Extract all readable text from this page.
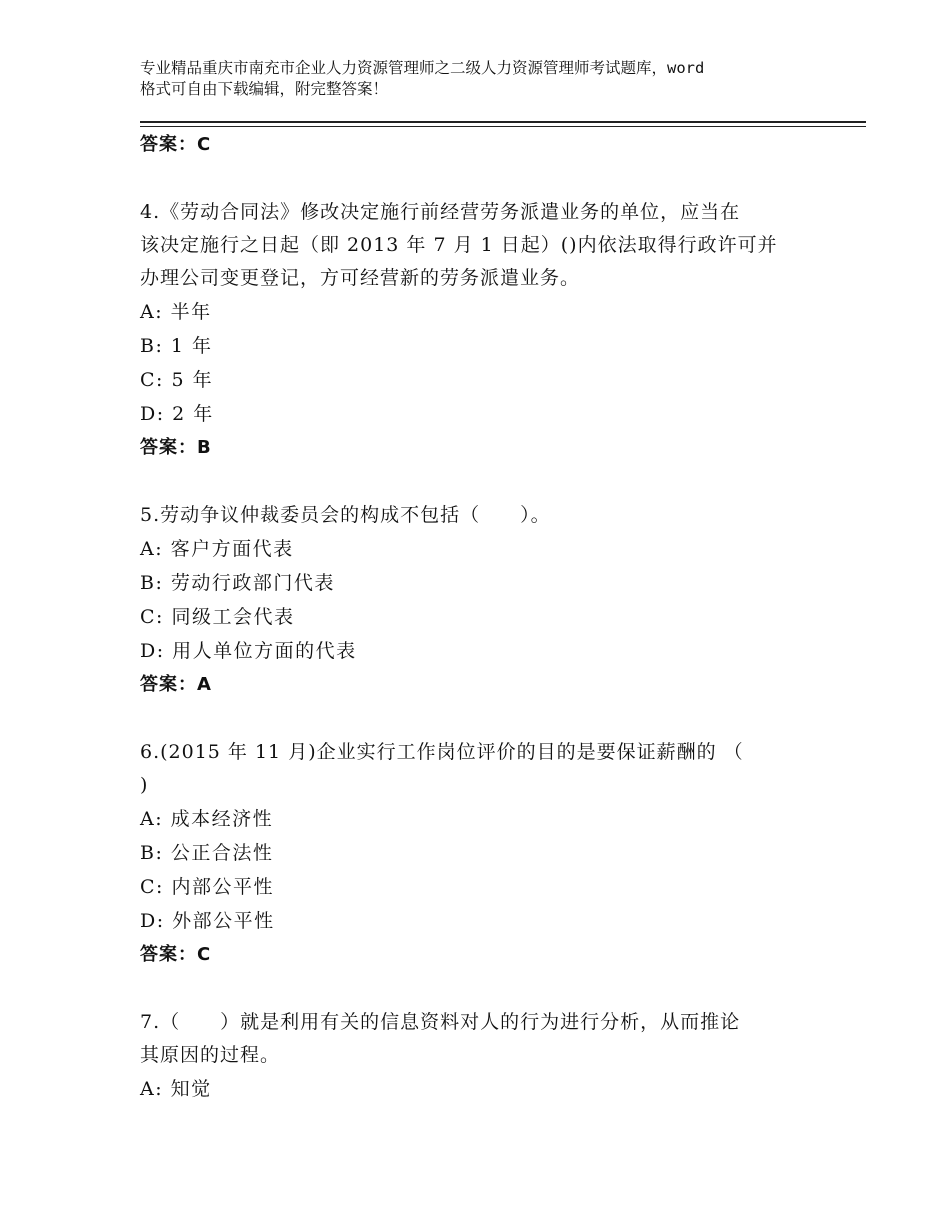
专业精品重庆市南充市企业人力资源管理师之二级人力资源管理师考试题库，word
格式可自由下载编辑，附完整答案！
答案：C
4.《劳动合同法》修改决定施行前经营劳务派遣业务的单位，应当在
该决定施行之日起（即 2013 年 7 月 1 日起）()内依法取得行政许可并
办理公司变更登记，方可经营新的劳务派遣业务。
A: 半年
B: 1 年
C: 5 年
D: 2 年
答案：B
5.劳动争议仲裁委员会的构成不包括（　　）。
A: 客户方面代表
B: 劳动行政部门代表
C: 同级工会代表
D: 用人单位方面的代表
答案：A
6.(2015 年 11 月)企业实行工作岗位评价的目的是要保证薪酬的 （
)
A: 成本经济性
B: 公正合法性
C: 内部公平性
D: 外部公平性
答案：C
7.（　　）就是利用有关的信息资料对人的行为进行分析，从而推论
其原因的过程。
A: 知觉
